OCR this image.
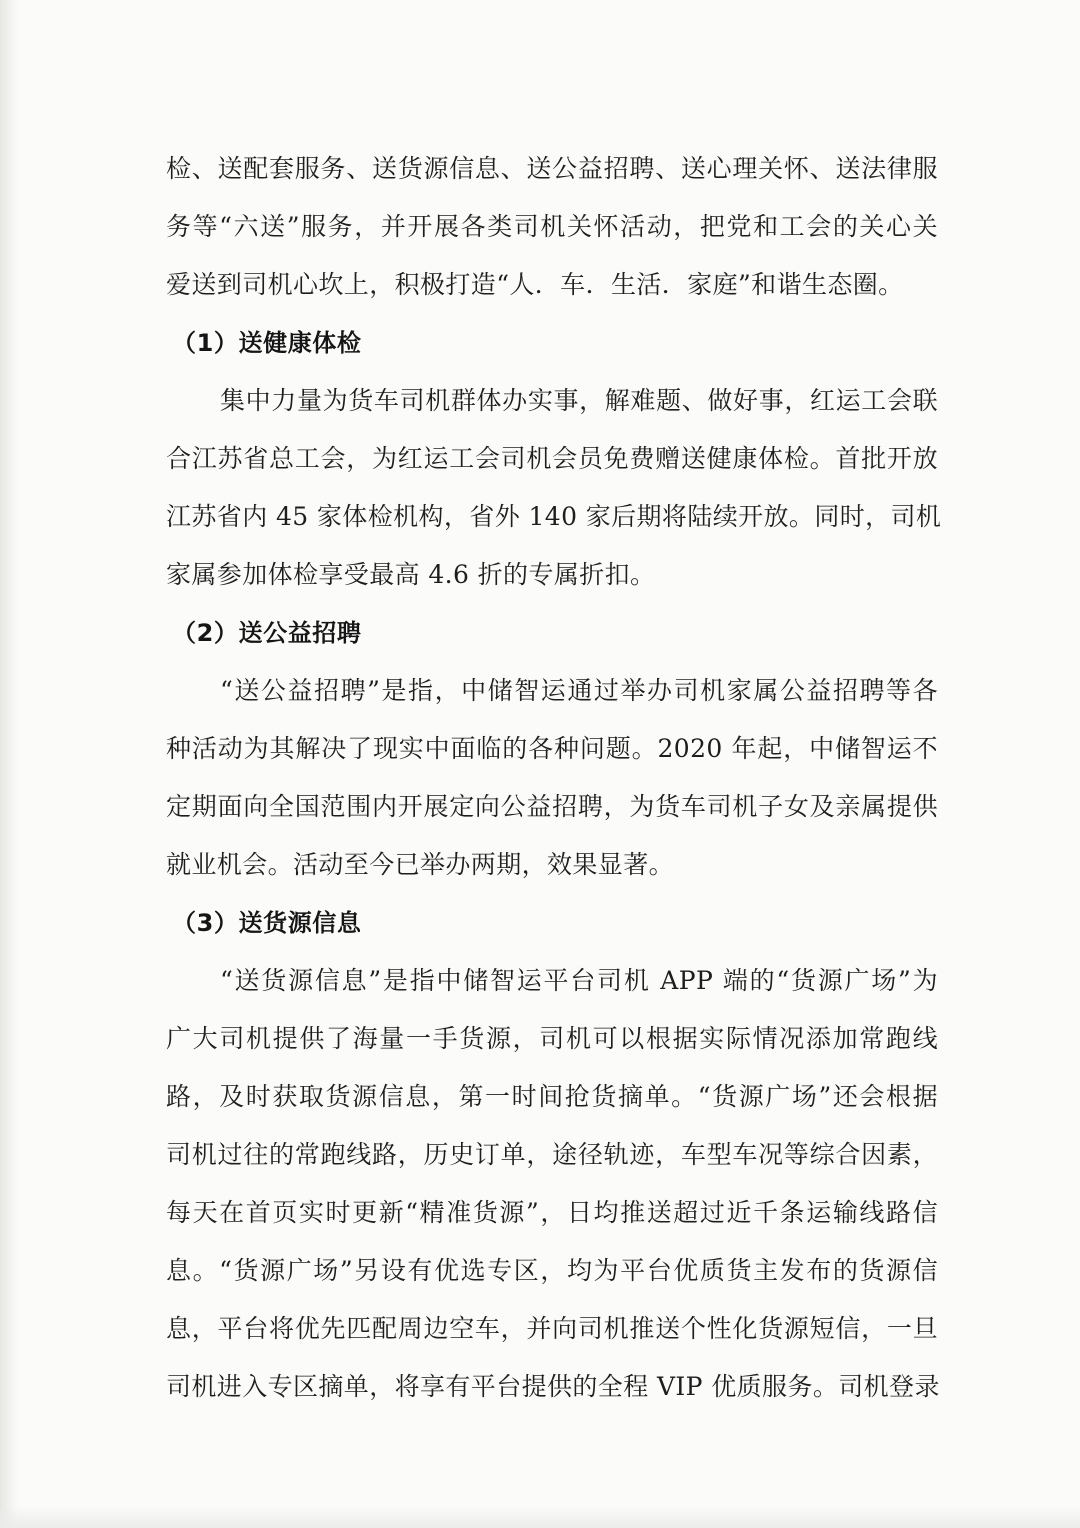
检、送配套服务、送货源信息、送公益招聘、送心理关怀、送法律服
务等“六送”服务，并开展各类司机关怀活动，把党和工会的关心关
爱送到司机心坎上，积极打造“人．车．生活．家庭”和谐生态圈。
（1）送健康体检
集中力量为货车司机群体办实事，解难题、做好事，红运工会联
合江苏省总工会，为红运工会司机会员免费赠送健康体检。首批开放
江苏省内 45 家体检机构，省外 140 家后期将陆续开放。同时，司机
家属参加体检享受最高 4.6 折的专属折扣。
（2）送公益招聘
“送公益招聘”是指，中储智运通过举办司机家属公益招聘等各
种活动为其解决了现实中面临的各种问题。2020 年起，中储智运不
定期面向全国范围内开展定向公益招聘，为货车司机子女及亲属提供
就业机会。活动至今已举办两期，效果显著。
（3）送货源信息
“送货源信息”是指中储智运平台司机 APP 端的“货源广场”为
广大司机提供了海量一手货源，司机可以根据实际情况添加常跑线
路，及时获取货源信息，第一时间抢货摘单。“货源广场”还会根据
司机过往的常跑线路，历史订单，途径轨迹，车型车况等综合因素，
每天在首页实时更新“精准货源”，日均推送超过近千条运输线路信
息。“货源广场”另设有优选专区，均为平台优质货主发布的货源信
息，平台将优先匹配周边空车，并向司机推送个性化货源短信，一旦
司机进入专区摘单，将享有平台提供的全程 VIP 优质服务。司机登录
